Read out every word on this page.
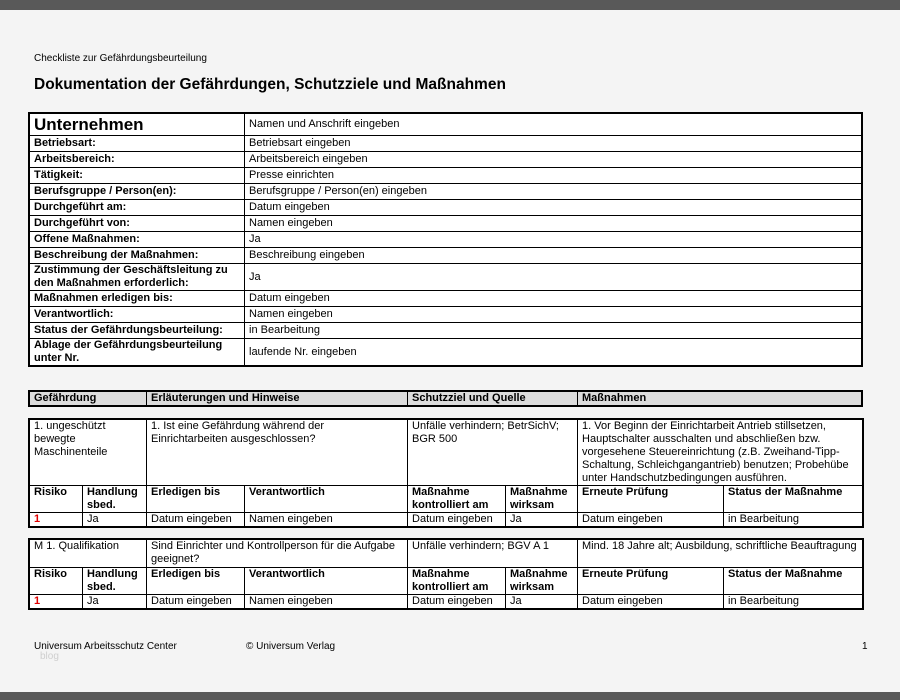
Checkliste zur Gefährdungsbeurteilung
Dokumentation der Gefährdungen, Schutzziele und Maßnahmen
Unternehmen	Namen und Anschrift eingeben
Betriebsart:	Betriebsart eingeben
Arbeitsbereich:	Arbeitsbereich eingeben
Tätigkeit:	Presse einrichten
Berufsgruppe / Person(en):	Berufsgruppe / Person(en) eingeben
Durchgeführt am:	Datum eingeben
Durchgeführt von:	Namen eingeben
Offene Maßnahmen:	Ja
Beschreibung der Maßnahmen:	Beschreibung eingeben
Zustimmung der Geschäftsleitung zu den Maßnahmen erforderlich:	Ja
Maßnahmen erledigen bis:	Datum eingeben
Verantwortlich:	Namen eingeben
Status der Gefährdungsbeurteilung:	in Bearbeitung
Ablage der Gefährdungsbeurteilung unter Nr.	laufende Nr. eingeben
Gefährdung	Erläuterungen und Hinweise	Schutzziel und Quelle	Maßnahmen
1. ungeschützt bewegte Maschinenteile		1. Ist eine Gefährdung während der Einrichtarbeiten ausgeschlossen?		Unfälle verhindern; BetrSichV; BGR 500		1. Vor Beginn der Einrichtarbeit Antrieb stillsetzen, Hauptschalter ausschalten und abschließen bzw. vorgesehene Steuereinrichtung (z.B. Zweihand-Tipp-Schaltung, Schleichgangantrieb) benutzen; Probehübe unter Handschutzbedingungen ausführen.	
Risiko	Handlung sbed.	Erledigen bis	Verantwortlich	Maßnahme kontrolliert am	Maßnahme wirksam	Erneute Prüfung	Status der Maßnahme
1	Ja	Datum eingeben	Namen eingeben	Datum eingeben	Ja	Datum eingeben	in Bearbeitung
M 1. Qualifikation		Sind Einrichter und Kontrollperson für die Aufgabe geeignet?		Unfälle verhindern; BGV A 1		Mind. 18 Jahre alt; Ausbildung, schriftliche Beauftragung	
Risiko	Handlung sbed.	Erledigen bis	Verantwortlich	Maßnahme kontrolliert am	Maßnahme wirksam	Erneute Prüfung	Status der Maßnahme
1	Ja	Datum eingeben	Namen eingeben	Datum eingeben	Ja	Datum eingeben	in Bearbeitung
Universum Arbeitsschutz Center	© Universum Verlag	1
blog
